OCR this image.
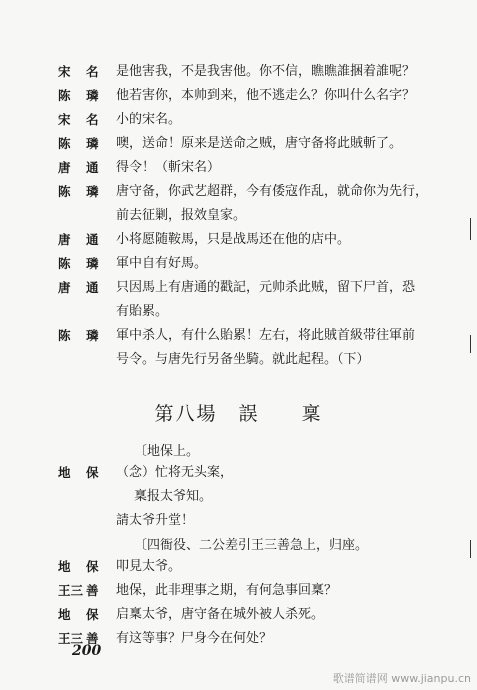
宋 名 是他害我，不是我害他。你不信，瞧瞧誰捆着誰呢？
陈 璘 他若害你，本帅到来，他不逃走么？你叫什么名字？
宋 名 小的宋名。
陈 璘 噢，送命！原来是送命之贼，唐守备将此賊斬了。
唐 通 得令！（斬宋名）
陈 璘 唐守备，你武艺超群，今有倭寇作乱，就命你为先行，
前去征剿，报效皇家。
唐 通 小将愿随鞍馬，只是战馬还在他的店中。
陈 璘 軍中自有好馬。
唐 通 只因馬上有唐通的戳記，元帅杀此贼，留下尸首，恐
有貽累。
陈 璘 軍中杀人，有什么貽累！左右，将此賊首級带往軍前
号令。与唐先行另备坐騎。就此起程。（下）
第八場　誤　　稟
〔地保上。
地 保 （念）忙将无头案，
稟报太爷知。
請太爷升堂！
〔四衙役、二公差引王三善急上，归座。
地 保 叩見太爷。
王三 善 地保，此非理事之期，有何急事回稟？
地 保 启稟太爷，唐守备在城外被人杀死。
王三 善 有这等事？尸身今在何处？
200
歌谱简谱网 www.jianpu.cn
